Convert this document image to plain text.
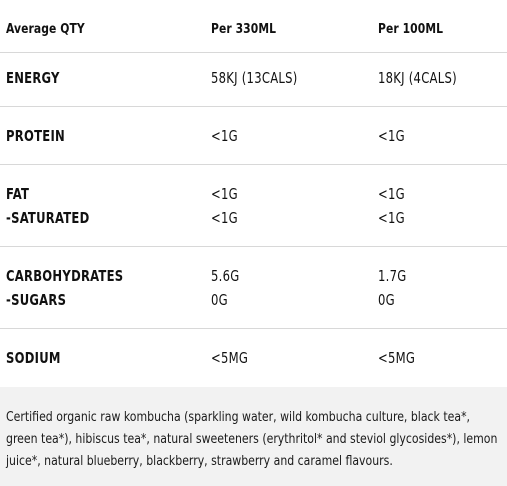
Average QTY	Per 330ML	Per 100ML
ENERGY	58KJ (13CALS)	18KJ (4CALS)
PROTEIN	<1G	<1G
FAT	<1G	<1G
-SATURATED	<1G	<1G
CARBOHYDRATES	5.6G	1.7G
-SUGARS	0G	0G
SODIUM	<5MG	<5MG

Certified organic raw kombucha (sparkling water, wild kombucha culture, black tea*, green tea*), hibiscus tea*, natural sweeteners (erythritol* and steviol glycosides*), lemon juice*, natural blueberry, blackberry, strawberry and caramel flavours.
